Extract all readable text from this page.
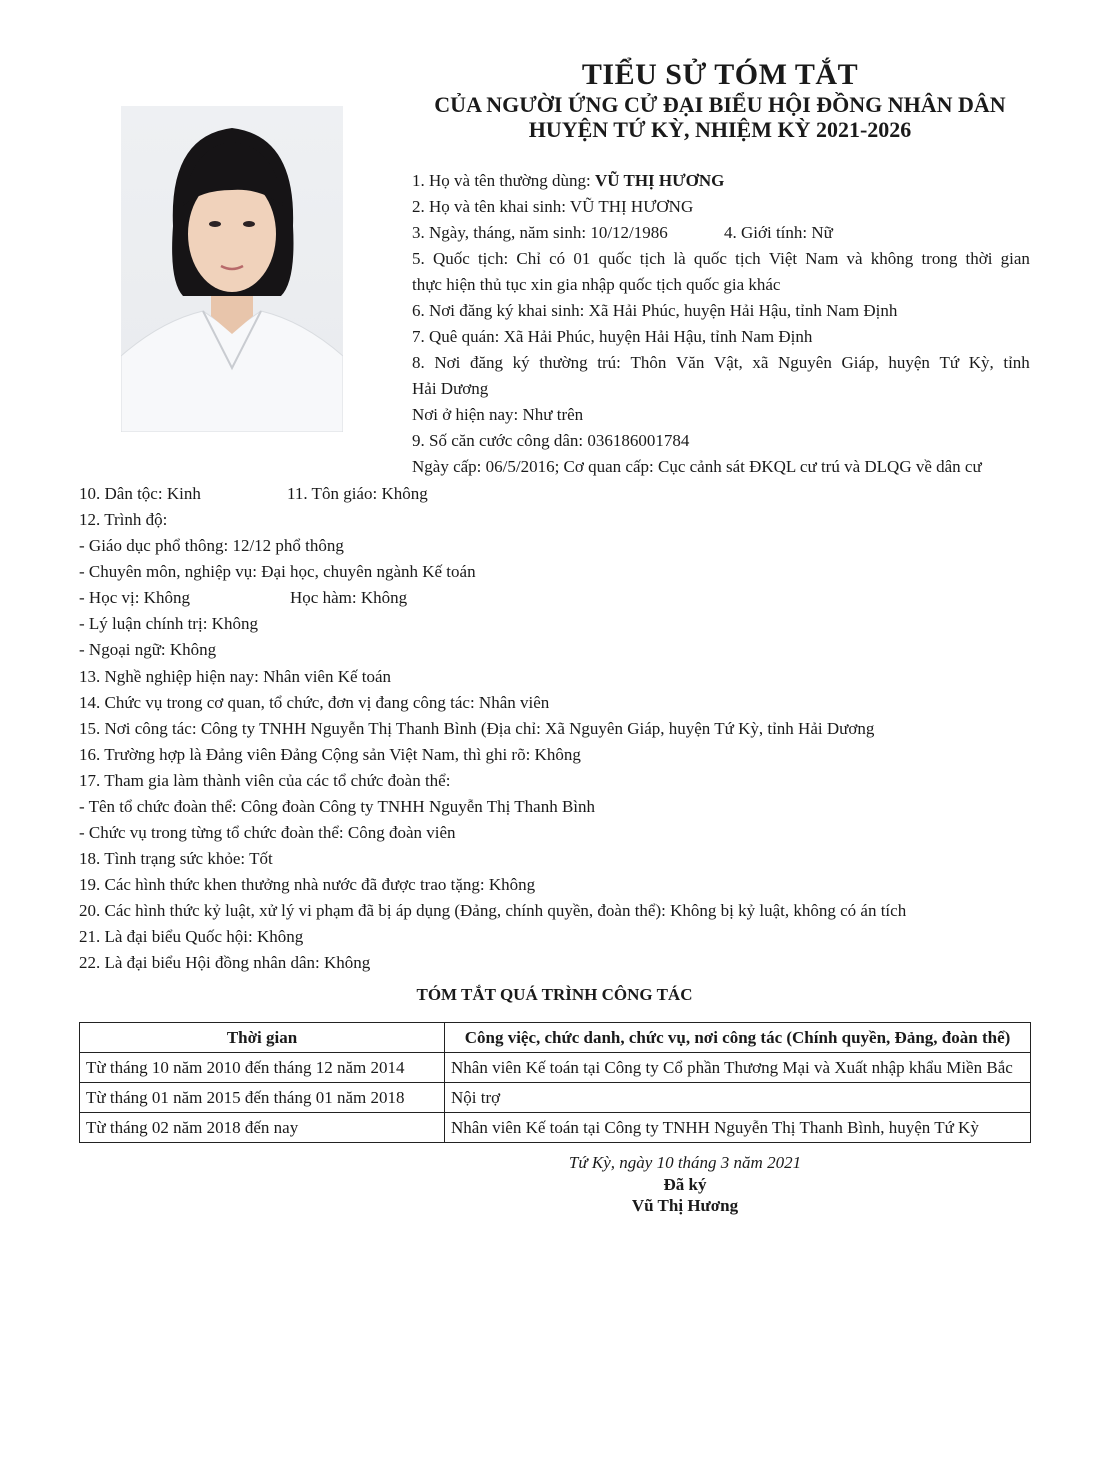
TIỂU SỬ TÓM TẮT
CỦA NGƯỜI ỨNG CỬ ĐẠI BIỂU HỘI ĐỒNG NHÂN DÂN
HUYỆN TỨ KỲ, NHIỆM KỲ 2021-2026
1. Họ và tên thường dùng: VŨ THỊ HƯƠNG
2. Họ và tên khai sinh: VŨ THỊ HƯƠNG
3. Ngày, tháng, năm sinh: 10/12/1986	4. Giới tính: Nữ
5. Quốc tịch: Chỉ có 01 quốc tịch là quốc tịch Việt Nam và không trong thời gian
thực hiện thủ tục xin gia nhập quốc tịch quốc gia khác
6. Nơi đăng ký khai sinh: Xã Hải Phúc, huyện Hải Hậu, tỉnh Nam Định
7. Quê quán: Xã Hải Phúc, huyện Hải Hậu, tỉnh Nam Định
8. Nơi đăng ký thường trú: Thôn Văn Vật, xã Nguyên Giáp, huyện Tứ Kỳ, tỉnh
Hải Dương
Nơi ở hiện nay: Như trên
9. Số căn cước công dân: 036186001784
Ngày cấp: 06/5/2016; Cơ quan cấp: Cục cảnh sát ĐKQL cư trú và DLQG về dân cư
10. Dân tộc: Kinh	11. Tôn giáo: Không
12. Trình độ:
- Giáo dục phổ thông: 12/12 phổ thông
- Chuyên môn, nghiệp vụ: Đại học, chuyên ngành Kế toán
- Học vị: Không	Học hàm: Không
- Lý luận chính trị: Không
- Ngoại ngữ: Không
13. Nghề nghiệp hiện nay: Nhân viên Kế toán
14. Chức vụ trong cơ quan, tổ chức, đơn vị đang công tác: Nhân viên
15. Nơi công tác: Công ty TNHH Nguyễn Thị Thanh Bình (Địa chỉ: Xã Nguyên Giáp, huyện Tứ Kỳ, tỉnh Hải Dương
16. Trường hợp là Đảng viên Đảng Cộng sản Việt Nam, thì ghi rõ: Không
17. Tham gia làm thành viên của các tổ chức đoàn thể:
- Tên tổ chức đoàn thể: Công đoàn Công ty TNHH Nguyễn Thị Thanh Bình
- Chức vụ trong từng tổ chức đoàn thể: Công đoàn viên
18. Tình trạng sức khỏe: Tốt
19. Các hình thức khen thưởng nhà nước đã được trao tặng: Không
20. Các hình thức kỷ luật, xử lý vi phạm đã bị áp dụng (Đảng, chính quyền, đoàn thể): Không bị kỷ luật, không có án tích
21. Là đại biểu Quốc hội: Không
22. Là đại biểu Hội đồng nhân dân: Không
TÓM TẮT QUÁ TRÌNH CÔNG TÁC
Thời gian	Công việc, chức danh, chức vụ, nơi công tác (Chính quyền, Đảng, đoàn thể)
Từ tháng 10 năm 2010 đến tháng 12 năm 2014	Nhân viên Kế toán tại Công ty Cổ phần Thương Mại và Xuất nhập khẩu Miền Bắc
Từ tháng 01 năm 2015 đến tháng 01 năm 2018	Nội trợ
Từ tháng 02 năm 2018 đến nay	Nhân viên Kế toán tại Công ty TNHH Nguyễn Thị Thanh Bình, huyện Tứ Kỳ
Tứ Kỳ, ngày 10 tháng 3 năm 2021
Đã ký
Vũ Thị Hương
